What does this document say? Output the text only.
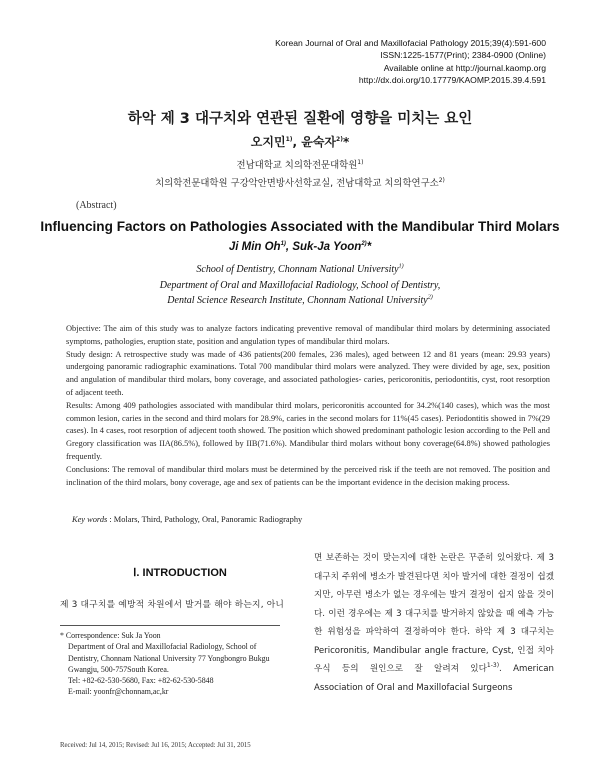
Korean Journal of Oral and Maxillofacial Pathology 2015;39(4):591-600
ISSN:1225-1577(Print); 2384-0900 (Online)
Available online at http://journal.kaomp.org
http://dx.doi.org/10.17779/KAOMP.2015.39.4.591
하악 제 3 대구치와 연관된 질환에 영향을 미치는 요인
오지민$^{1)}$, 윤숙자$^{2)}$*
전남대학교 치의학전문대학원$^{1)}$
치의학전문대학원 구강악안면방사선학교실, 전남대학교 치의학연구소$^{2)}$
(Abstract)
Influencing Factors on Pathologies Associated with the Mandibular Third Molars
Ji Min Oh$^{1)}$, Suk-Ja Yoon$^{2)}$*
School of Dentistry, Chonnam National University$^{1)}$
Department of Oral and Maxillofacial Radiology, School of Dentistry,
Dental Science Research Institute, Chonnam National University$^{2)}$

Objective: The aim of this study was to analyze factors indicating preventive removal of mandibular third molars by determining associated symptoms, pathologies, eruption state, position and angulation types of mandibular third molars.

Study design: A retrospective study was made of 436 patients(200 females, 236 males), aged between 12 and 81 years (mean: 29.93 years) undergoing panoramic radiographic examinations. Total 700 mandibular third molars were analyzed. They were divided by age, sex, position and angulation of mandibular third molars, bony coverage, and associated pathologies- caries, pericoronitis, periodontitis, cyst, root resorption of adjacent teeth.

Results: Among 409 pathologies associated with mandibular third molars, pericoronitis accounted for 34.2%(140 cases), which was the most common lesion, caries in the second and third molars for 28.9%, caries in the second molars for 11%(45 cases). Periodontitis showed in 7%(29 cases). In 4 cases, root resorption of adjecent tooth showed. The position which showed predominant pathologic lesion according to the Pell and Gregory classification was IIA(86.5%), followed by IIB(71.6%). Mandibular third molars without bony coverage(64.8%) showed pathologies frequently.

Conclusions: The removal of mandibular third molars must be determined by the perceived risk if the teeth are not removed. The position and inclination of the third molars, bony coverage, age and sex of patients can be the important evidence in the decision making process.

Key words : Molars, Third, Pathology, Oral, Panoramic Radiography
Ⅰ. INTRODUCTION
제 3 대구치를 예방적 차원에서 발거를 해야 하는지, 아니
* Correspondence: Suk Ja Yoon
Department of Oral and Maxillofacial Radiology, School of
Dentistry, Chonnam National University 77 Yongbongro Bukgu
Gwangju, 500-757South Korea.
Tel: +82-62-530-5680, Fax: +82-62-530-5848
E-mail: yoonfr@chonnam,ac,kr
Received: Jul 14, 2015; Revised: Jul 16, 2015; Accepted: Jul 31, 2015

면 보존하는 것이 맞는지에 대한 논란은 꾸준히 있어왔다. 제 3 대구치 주위에 병소가 발견된다면 치아 발거에 대한 결정이 쉽겠지만, 아무런 병소가 없는 경우에는 발거 결정이 쉽지 않을 것이다. 이런 경우에는 제 3 대구치를 발거하지 않았을 때 예측 가능한 위험성을 파악하여 결정하여야 한다. 하악 제 3 대구치는 Pericoronitis, Mandibular angle fracture, Cyst, 인접 치아 우식 등의 원인으로 잘 알려져 있다$^{1-3)}$. American Association of Oral and Maxillofacial Surgeons
